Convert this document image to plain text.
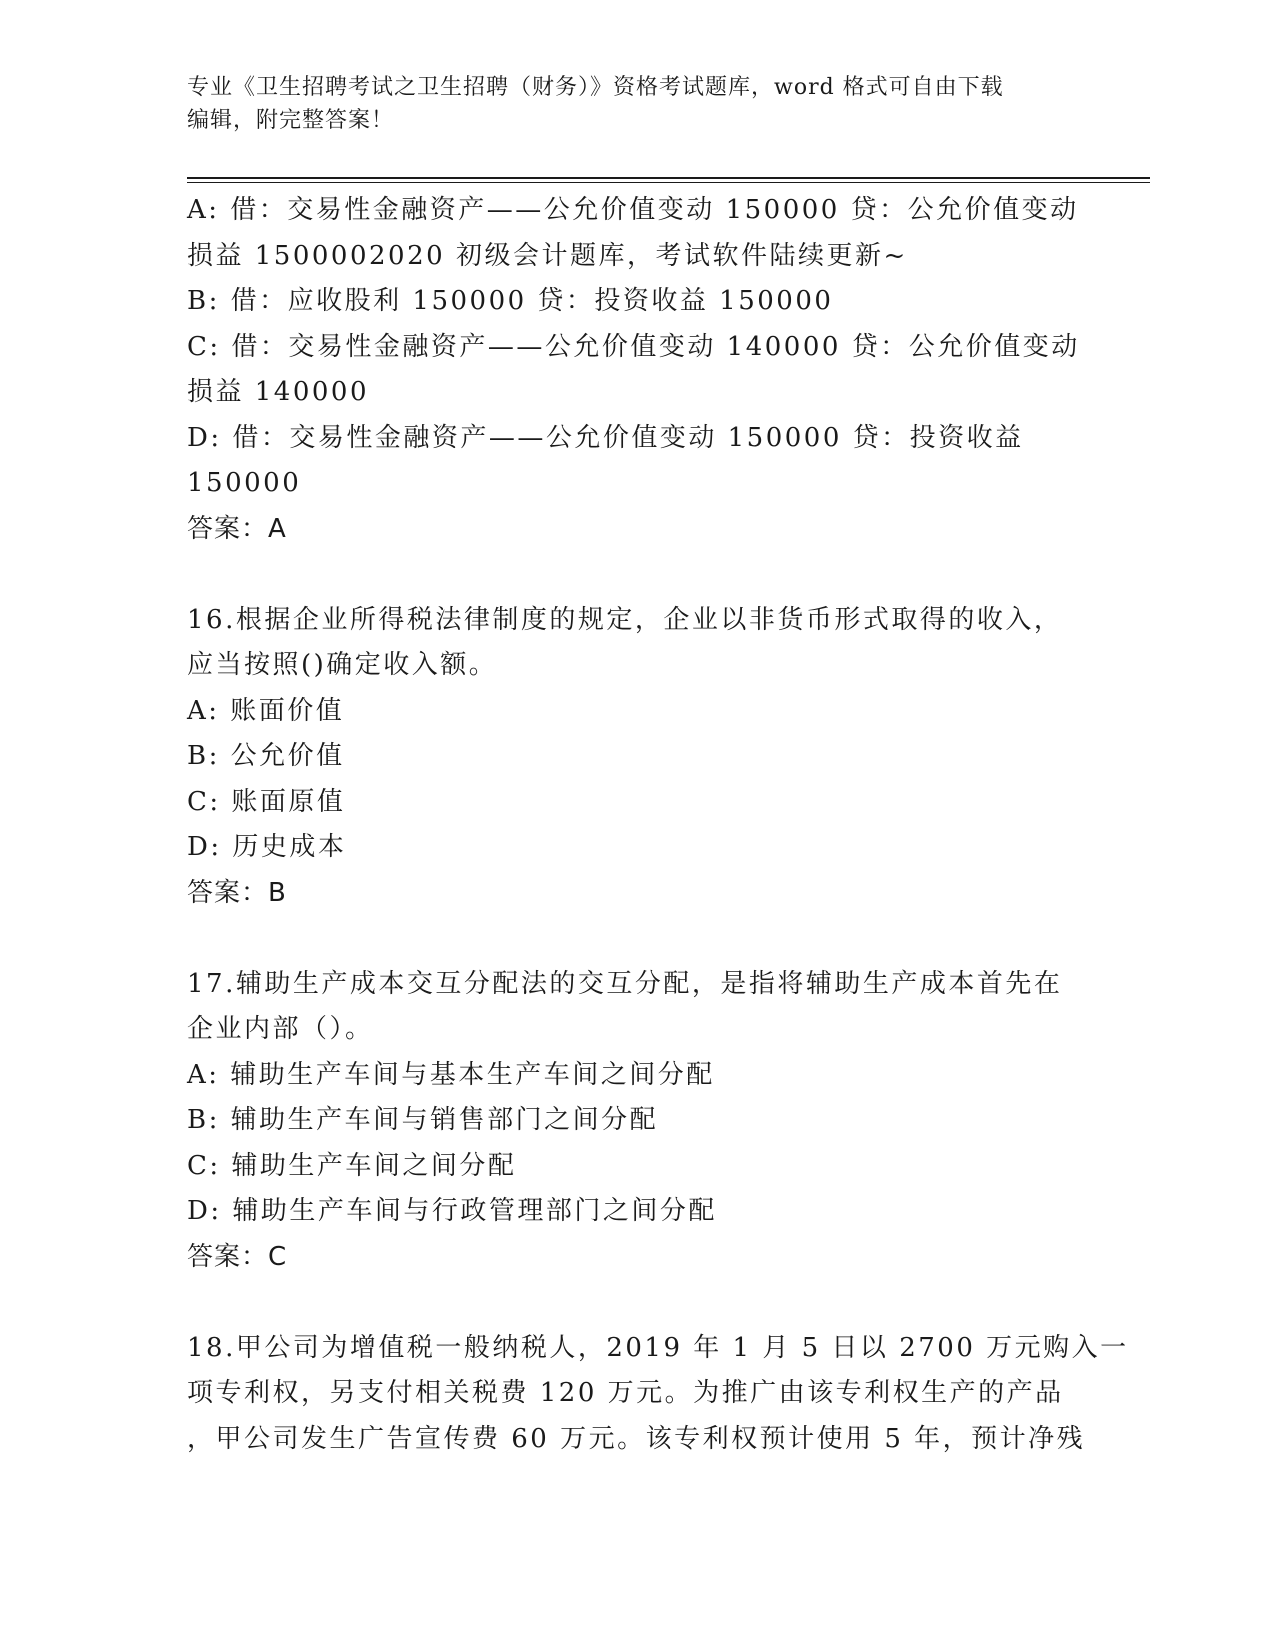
专业《卫生招聘考试之卫生招聘（财务）》资格考试题库，word 格式可自由下载
编辑，附完整答案！
A: 借：交易性金融资产——公允价值变动 150000 贷：公允价值变动
损益 1500002020 初级会计题库，考试软件陆续更新~
B: 借：应收股利 150000 贷：投资收益 150000
C: 借：交易性金融资产——公允价值变动 140000 贷：公允价值变动
损益 140000
D: 借：交易性金融资产——公允价值变动 150000 贷：投资收益
150000
答案：A
16.根据企业所得税法律制度的规定，企业以非货币形式取得的收入，
应当按照()确定收入额。
A: 账面价值
B: 公允价值
C: 账面原值
D: 历史成本
答案：B
17.辅助生产成本交互分配法的交互分配，是指将辅助生产成本首先在
企业内部（）。
A: 辅助生产车间与基本生产车间之间分配
B: 辅助生产车间与销售部门之间分配
C: 辅助生产车间之间分配
D: 辅助生产车间与行政管理部门之间分配
答案：C
18.甲公司为增值税一般纳税人，2019 年 1 月 5 日以 2700 万元购入一
项专利权，另支付相关税费 120 万元。为推广由该专利权生产的产品
，甲公司发生广告宣传费 60 万元。该专利权预计使用 5 年，预计净残
